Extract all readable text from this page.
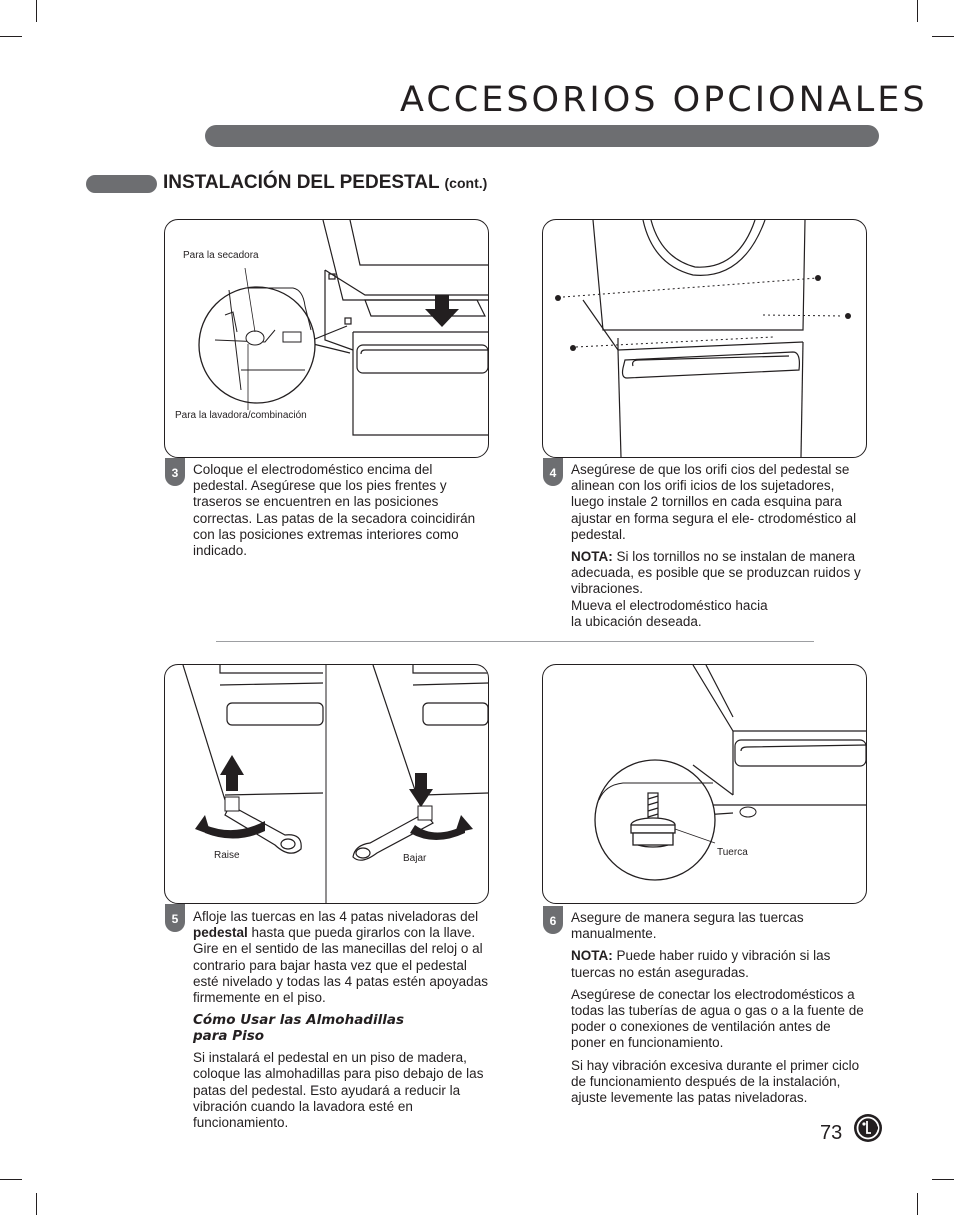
ACCESORIOS OPCIONALES
INSTALACIÓN DEL PEDESTAL (cont.)
Para la secadora
Para la lavadora/combinación
3	Coloque el electrodoméstico encima del pedestal. Asegúrese que los pies frentes y traseros se encuentren en las posiciones correctas. Las patas de la secadora coincidirán con las posiciones extremas interiores como indicado.

4	Asegúrese de que los orifi cios del pedestal se alinean con los orifi icios de los sujetadores, luego instale 2 tornillos en cada esquina para ajustar en forma segura el ele- ctrodoméstico al pedestal.

NOTA: Si los tornillos no se instalan de manera adecuada, es posible que se produzcan ruidos y vibraciones.

Mueva el electrodoméstico hacia
la ubicación deseada.
Raise	Bajar
5	Afloje las tuercas en las 4 patas niveladoras del pedestal hasta que pueda girarlos con la llave. Gire en el sentido de las manecillas del reloj o al contrario para bajar hasta vez que el pedestal esté nivelado y todas las 4 patas estén apoyadas firmemente en el piso.

Cómo Usar las Almohadillas
para Piso

Si instalará el pedestal en un piso de madera, coloque las almohadillas para piso debajo de las patas del pedestal. Esto ayudará a reducir la vibración cuando la lavadora esté en funcionamiento.

Tuerca
6	Asegure de manera segura las tuercas manualmente.

NOTA: Puede haber ruido y vibración si las tuercas no están aseguradas.

Asegúrese de conectar los electrodomésticos a todas las tuberías de agua o gas o a la fuente de poder o conexiones de ventilación antes de poner en funcionamiento.

Si hay vibración excesiva durante el primer ciclo de funcionamiento después de la instalación, ajuste levemente las patas niveladoras.

73
